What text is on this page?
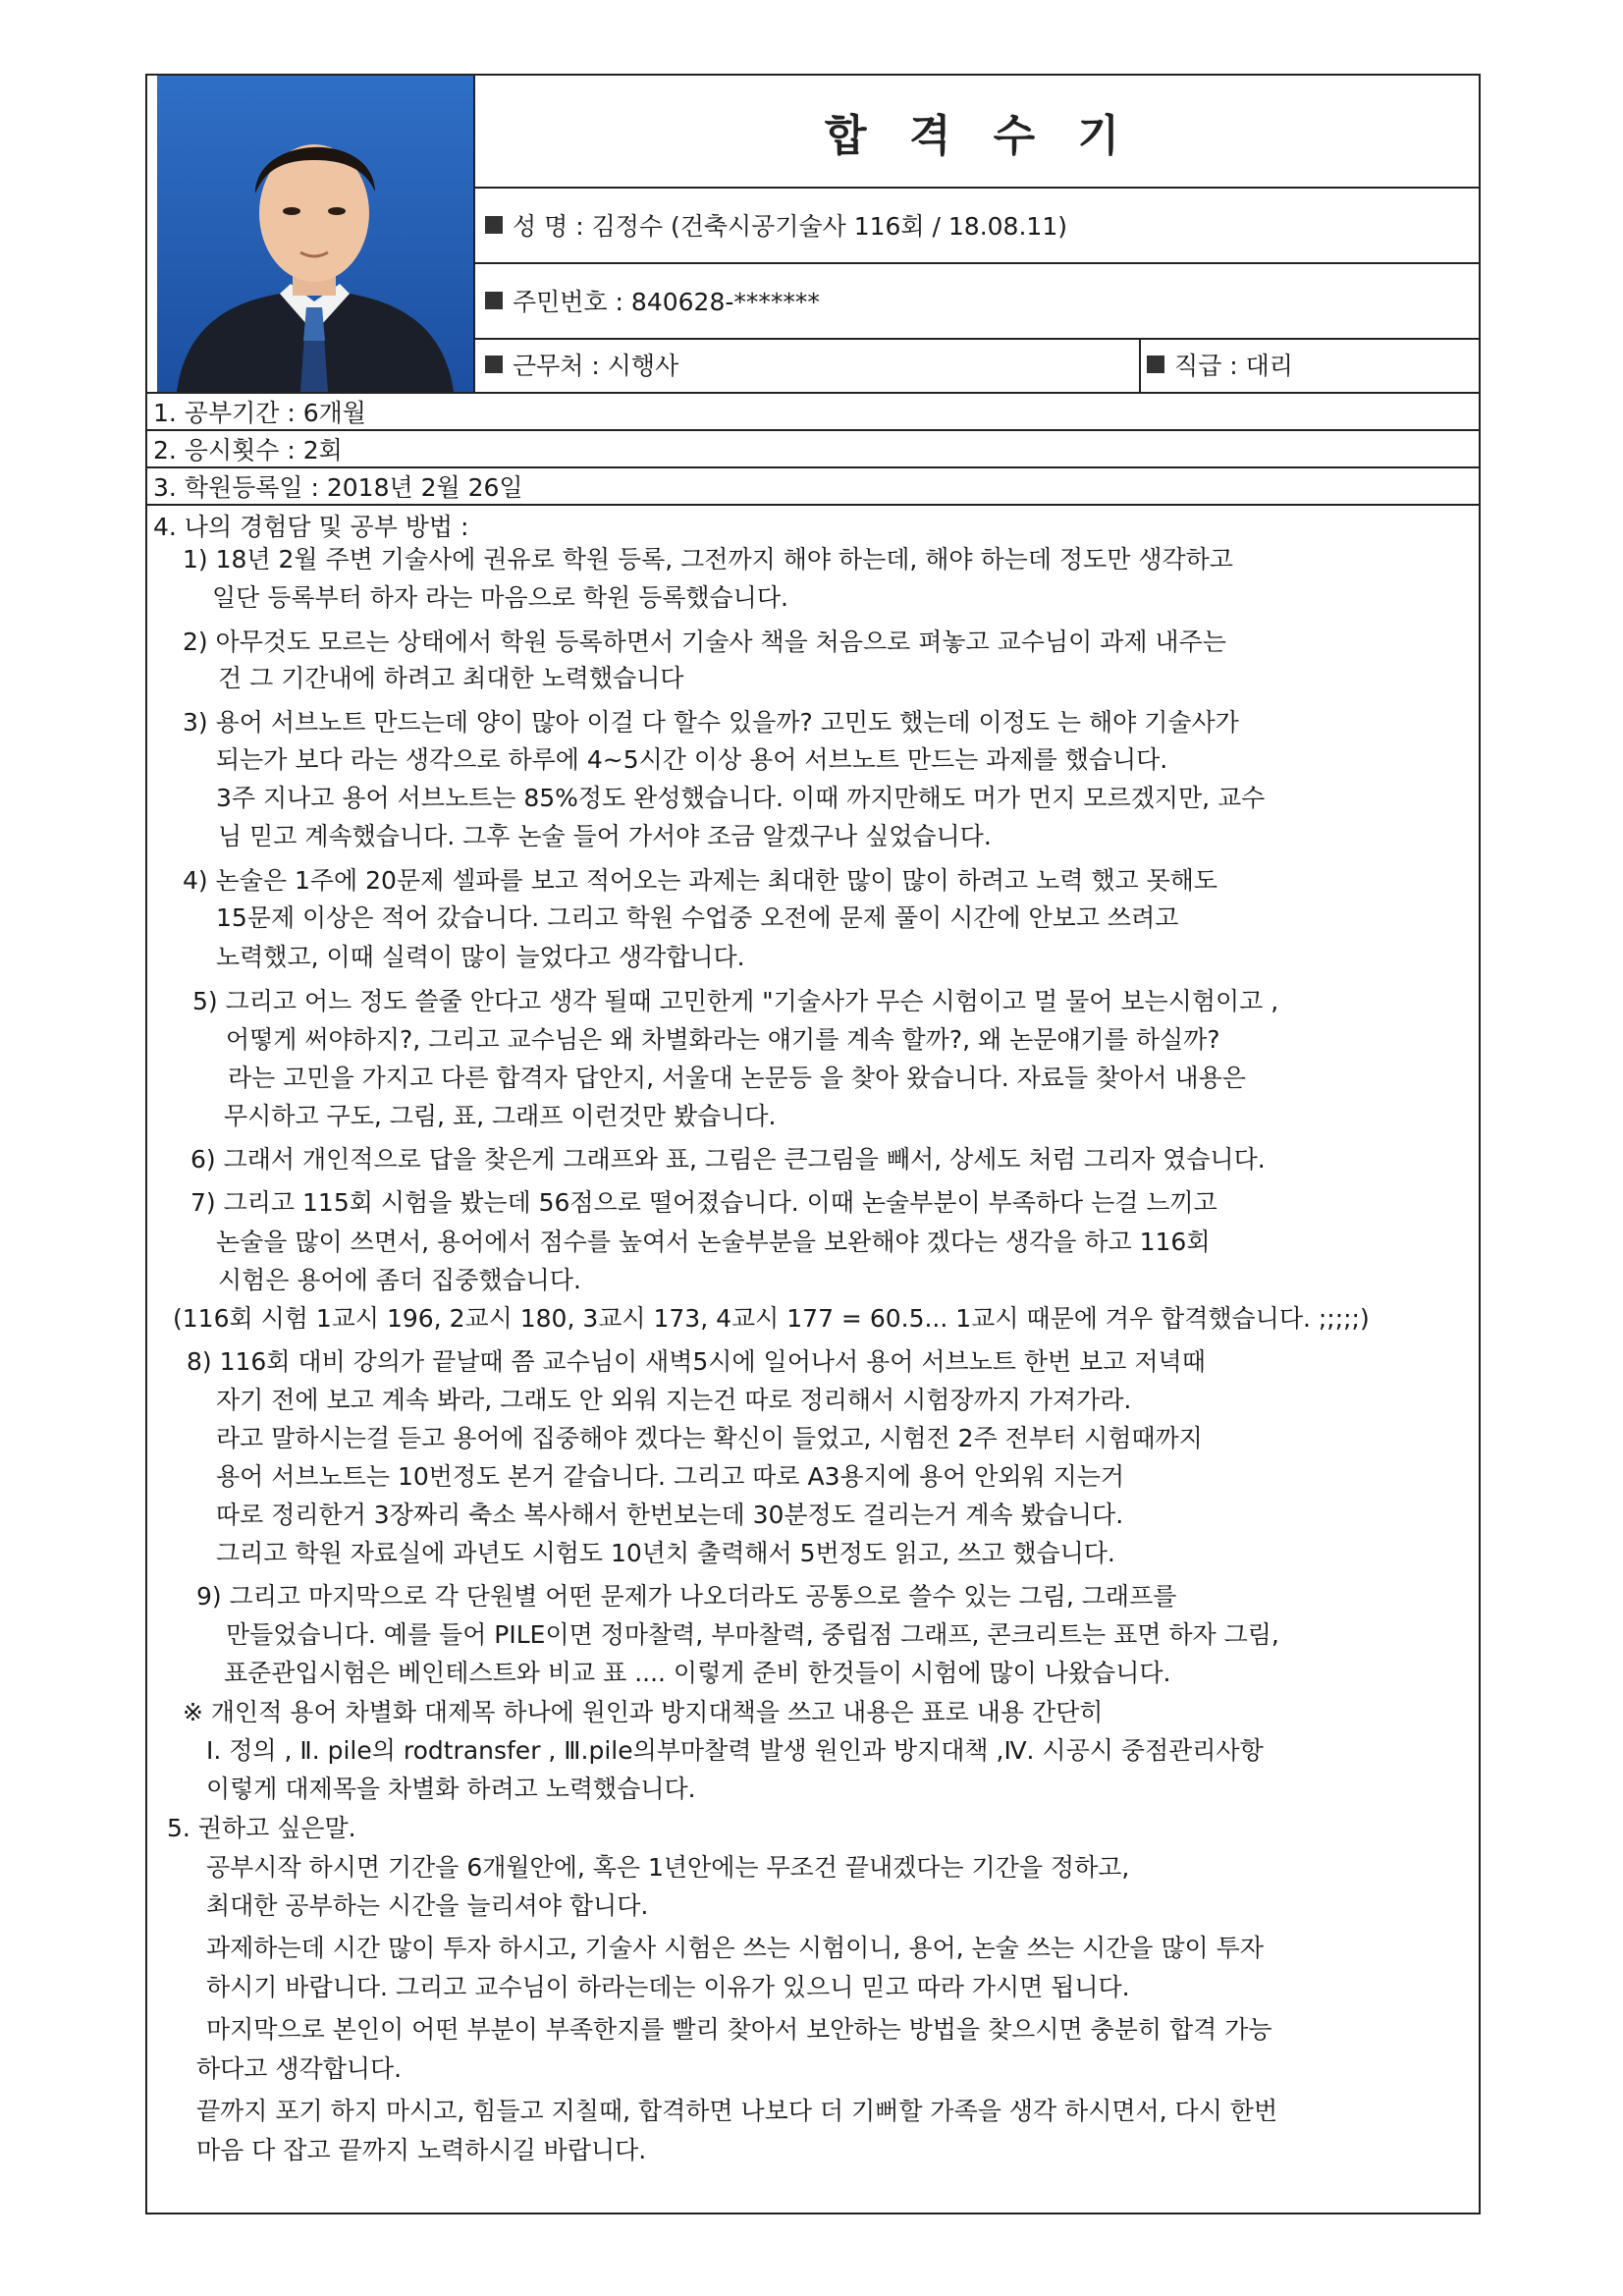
합 격 수 기
성 명 : 김정수 (건축시공기술사 116회 / 18.08.11)
주민번호 : 840628-*******
근무처 : 시행사	직급 : 대리
1. 공부기간 : 6개월
2. 응시횟수 : 2회
3. 학원등록일 : 2018년 2월 26일
4. 나의 경험담 및 공부 방법 :
1) 18년 2월 주변 기술사에 권유로 학원 등록, 그전까지 해야 하는데, 해야 하는데 정도만 생각하고
일단 등록부터 하자 라는 마음으로 학원 등록했습니다.
2) 아무것도 모르는 상태에서 학원 등록하면서 기술사 책을 처음으로 펴놓고 교수님이 과제 내주는
건 그 기간내에 하려고 최대한 노력했습니다
3) 용어 서브노트 만드는데 양이 많아 이걸 다 할수 있을까? 고민도 했는데 이정도 는 해야 기술사가
되는가 보다 라는 생각으로 하루에 4~5시간 이상 용어 서브노트 만드는 과제를 했습니다.
3주 지나고 용어 서브노트는 85%정도 완성했습니다. 이때 까지만해도 머가 먼지 모르겠지만, 교수
님 믿고 계속했습니다. 그후 논술 들어 가서야 조금 알겠구나 싶었습니다.
4) 논술은 1주에 20문제 셀파를 보고 적어오는 과제는 최대한 많이 많이 하려고 노력 했고 못해도
15문제 이상은 적어 갔습니다. 그리고 학원 수업중 오전에 문제 풀이 시간에 안보고 쓰려고
노력했고, 이때 실력이 많이 늘었다고 생각합니다.
5) 그리고 어느 정도 쓸줄 안다고 생각 될때 고민한게 "기술사가 무슨 시험이고 멀 물어 보는시험이고 ,
어떻게 써야하지?, 그리고 교수님은 왜 차별화라는 얘기를 계속 할까?, 왜 논문얘기를 하실까?
라는 고민을 가지고 다른 합격자 답안지, 서울대 논문등 을 찾아 왔습니다. 자료들 찾아서 내용은
무시하고 구도, 그림, 표, 그래프 이런것만 봤습니다.
6) 그래서 개인적으로 답을 찾은게 그래프와 표, 그림은 큰그림을 빼서, 상세도 처럼 그리자 였습니다.
7) 그리고 115회 시험을 봤는데 56점으로 떨어졌습니다. 이때 논술부분이 부족하다 는걸 느끼고
논술을 많이 쓰면서, 용어에서 점수를 높여서 논술부분을 보완해야 겠다는 생각을 하고 116회
시험은 용어에 좀더 집중했습니다.
(116회 시험 1교시 196, 2교시 180, 3교시 173, 4교시 177 = 60.5... 1교시 때문에 겨우 합격했습니다. ;;;;;)
8) 116회 대비 강의가 끝날때 쯤 교수님이 새벽5시에 일어나서 용어 서브노트 한번 보고 저녁때
자기 전에 보고 계속 봐라, 그래도 안 외워 지는건 따로 정리해서 시험장까지 가져가라.
라고 말하시는걸 듣고 용어에 집중해야 겠다는 확신이 들었고, 시험전 2주 전부터 시험때까지
용어 서브노트는 10번정도 본거 같습니다. 그리고 따로 A3용지에 용어 안외워 지는거
따로 정리한거 3장짜리 축소 복사해서 한번보는데 30분정도 걸리는거 계속 봤습니다.
그리고 학원 자료실에 과년도 시험도 10년치 출력해서 5번정도 읽고, 쓰고 했습니다.
9) 그리고 마지막으로 각 단원별 어떤 문제가 나오더라도 공통으로 쓸수 있는 그림, 그래프를
만들었습니다. 예를 들어 PILE이면 정마찰력, 부마찰력, 중립점 그래프, 콘크리트는 표면 하자 그림,
표준관입시험은 베인테스트와 비교 표 .... 이렇게 준비 한것들이 시험에 많이 나왔습니다.
※ 개인적 용어 차별화 대제목 하나에 원인과 방지대책을 쓰고 내용은 표로 내용 간단히
Ⅰ. 정의 , Ⅱ. pile의 rodtransfer , Ⅲ.pile의부마찰력 발생 원인과 방지대책 ,Ⅳ. 시공시 중점관리사항
이렇게 대제목을 차별화 하려고 노력했습니다.
5. 권하고 싶은말.
공부시작 하시면 기간을 6개월안에, 혹은 1년안에는 무조건 끝내겠다는 기간을 정하고,
최대한 공부하는 시간을 늘리셔야 합니다.
과제하는데 시간 많이 투자 하시고, 기술사 시험은 쓰는 시험이니, 용어, 논술 쓰는 시간을 많이 투자
하시기 바랍니다. 그리고 교수님이 하라는데는 이유가 있으니 믿고 따라 가시면 됩니다.
마지막으로 본인이 어떤 부분이 부족한지를 빨리 찾아서 보안하는 방법을 찾으시면 충분히 합격 가능
하다고 생각합니다.
끝까지 포기 하지 마시고, 힘들고 지칠때, 합격하면 나보다 더 기뻐할 가족을 생각 하시면서, 다시 한번
마음 다 잡고 끝까지 노력하시길 바랍니다.
